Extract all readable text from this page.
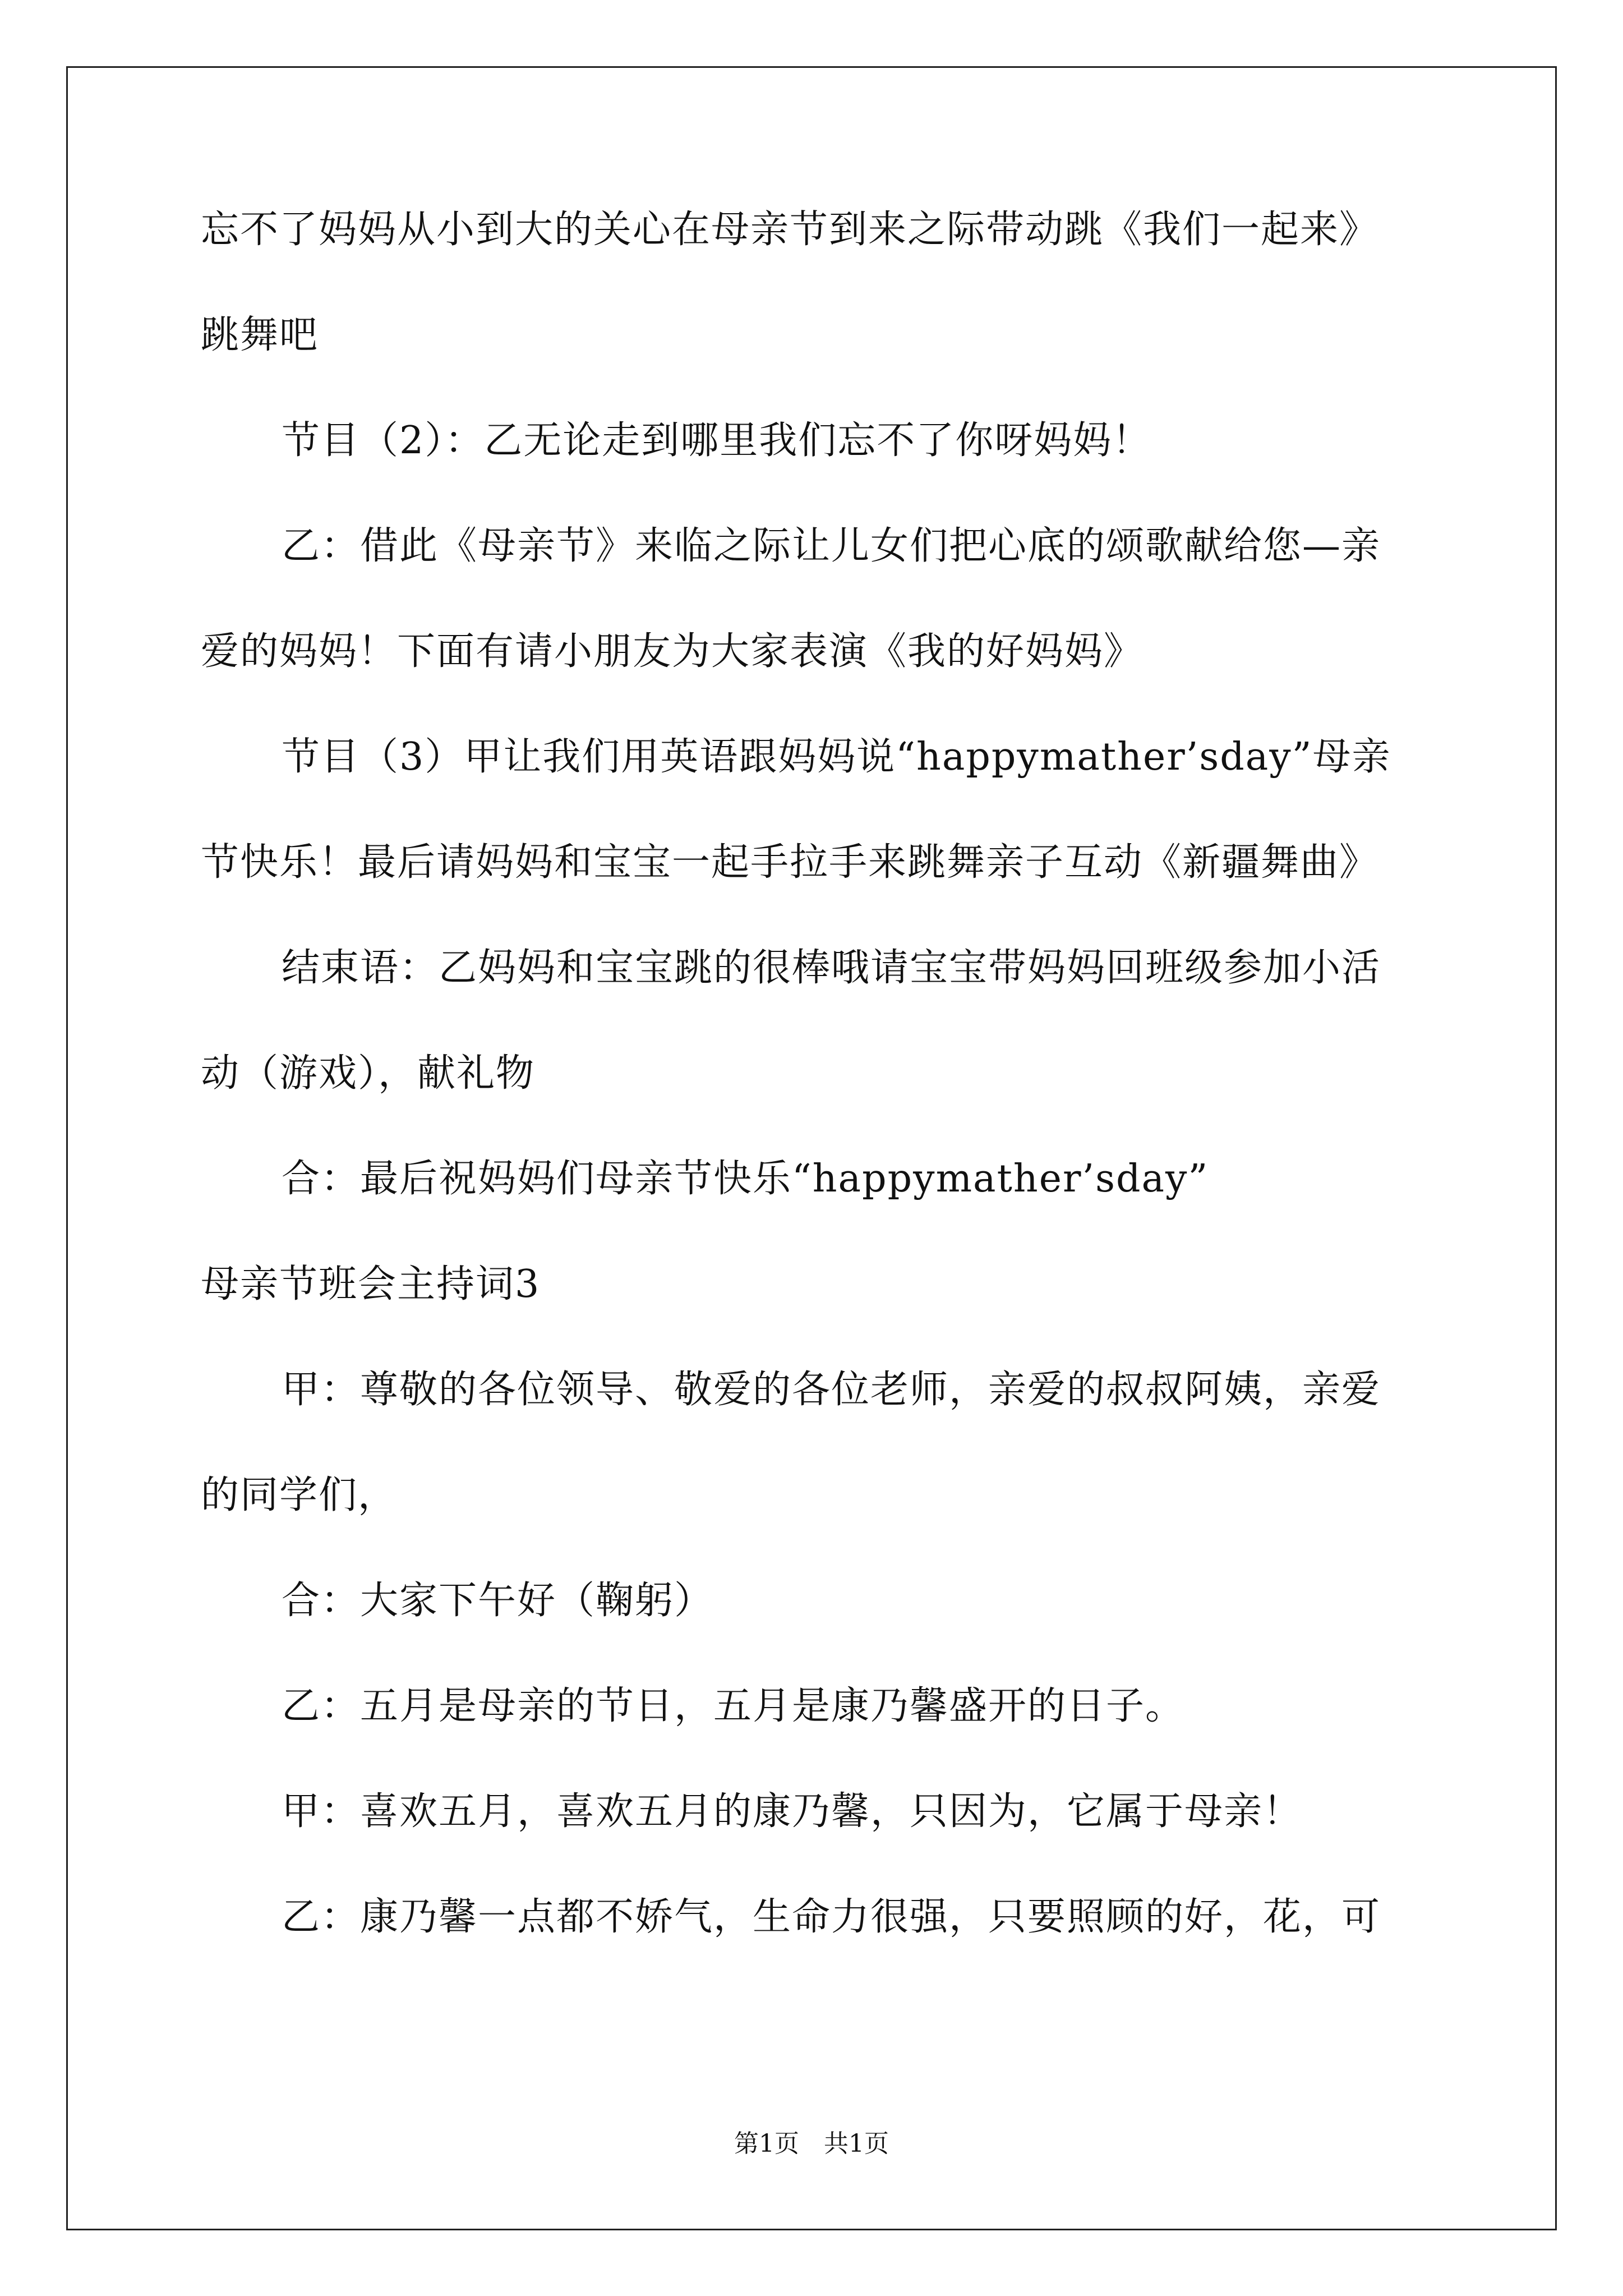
忘不了妈妈从小到大的关心在母亲节到来之际带动跳《我们一起来》
跳舞吧
节目（2）：乙无论走到哪里我们忘不了你呀妈妈！
乙：借此《母亲节》来临之际让儿女们把心底的颂歌献给您—亲
爱的妈妈！下面有请小朋友为大家表演《我的好妈妈》
节目（3）甲让我们用英语跟妈妈说“happymather’sday”母亲
节快乐！最后请妈妈和宝宝一起手拉手来跳舞亲子互动《新疆舞曲》
结束语：乙妈妈和宝宝跳的很棒哦请宝宝带妈妈回班级参加小活
动（游戏），献礼物
合：最后祝妈妈们母亲节快乐“happymather’sday”
母亲节班会主持词3
甲：尊敬的各位领导、敬爱的各位老师，亲爱的叔叔阿姨，亲爱
的同学们，
合：大家下午好（鞠躬）
乙：五月是母亲的节日，五月是康乃馨盛开的日子。
甲：喜欢五月，喜欢五月的康乃馨，只因为，它属于母亲！
乙：康乃馨一点都不娇气，生命力很强，只要照顾的好，花，可
第1页　共1页
